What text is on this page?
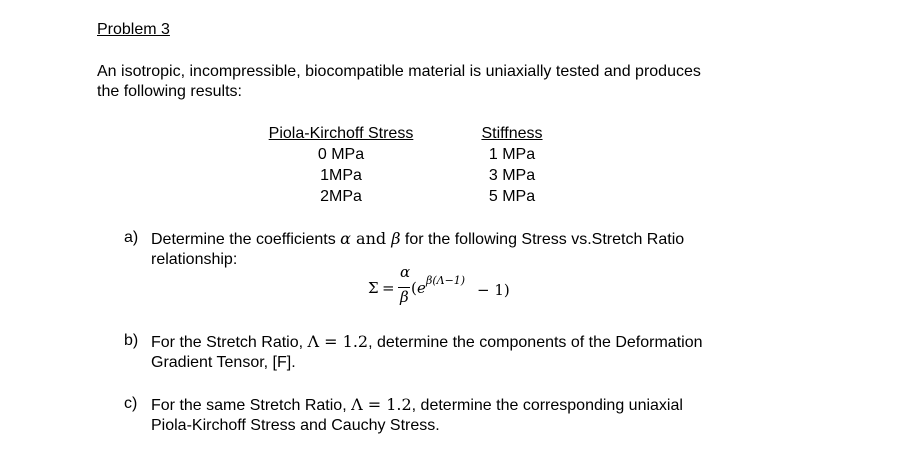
Problem 3
An isotropic, incompressible, biocompatible material is uniaxially tested and produces
the following results:
Piola-Kirchoff Stress
0 MPa
1MPa
2MPa
Stiffness
1 MPa
3 MPa
5 MPa
a) Determine the coefficients α and β for the following Stress vs.Stretch Ratio
relationship:
Σ =
α
β ( e β(Λ−1)
− 1)
b) For the Stretch Ratio, Λ = 1.2, determine the components of the Deformation
Gradient Tensor, [F].
c) For the same Stretch Ratio, Λ = 1.2, determine the corresponding uniaxial
Piola-Kirchoff Stress and Cauchy Stress.
